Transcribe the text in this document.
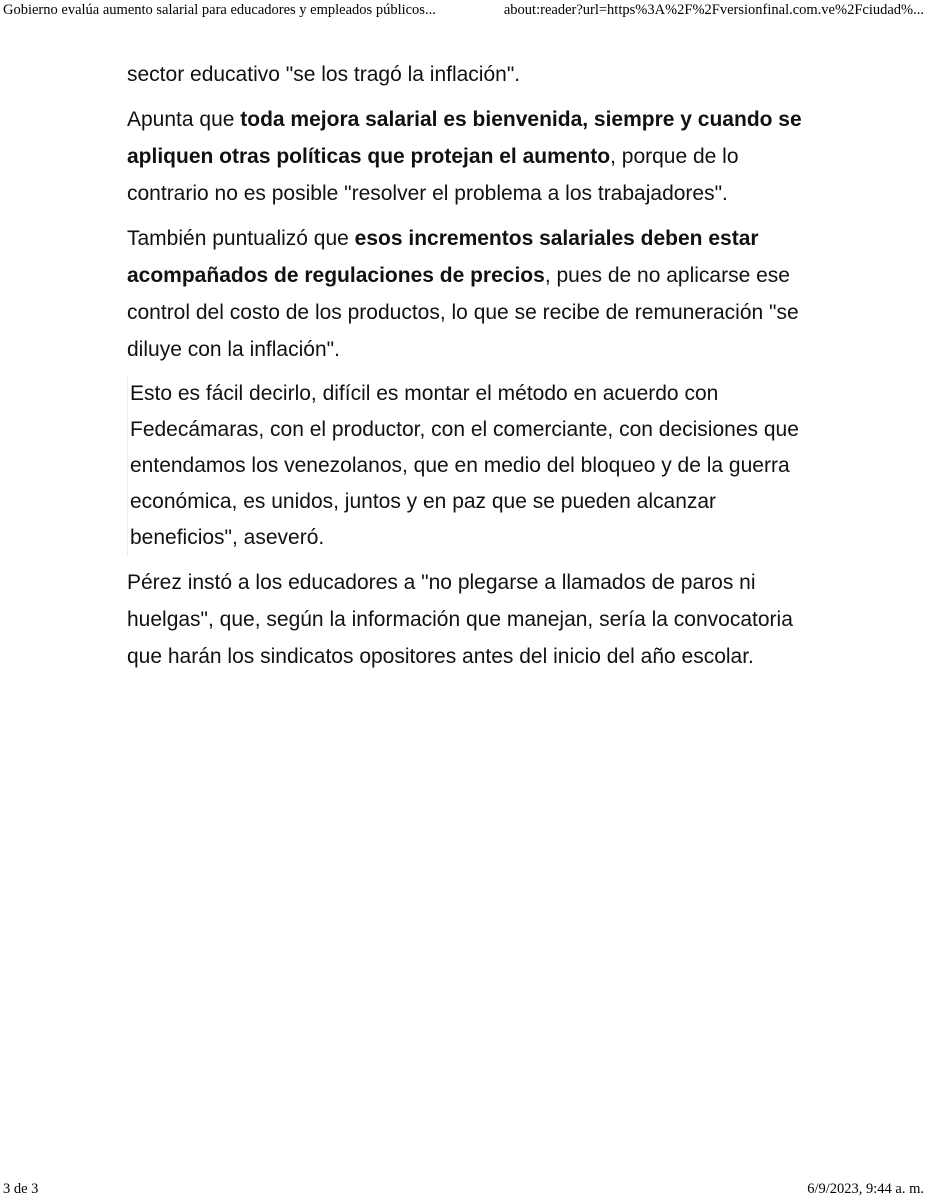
Gobierno evalúa aumento salarial para educadores y empleados públicos...	about:reader?url=https%3A%2F%2Fversionfinal.com.ve%2Fciudad%...

sector educativo "se los tragó la inflación".

Apunta que toda mejora salarial es bienvenida, siempre y cuando se apliquen otras políticas que protejan el aumento, porque de lo contrario no es posible "resolver el problema a los trabajadores".

También puntualizó que esos incrementos salariales deben estar acompañados de regulaciones de precios, pues de no aplicarse ese control del costo de los productos, lo que se recibe de remuneración "se diluye con la inflación".

Esto es fácil decirlo, difícil es montar el método en acuerdo con Fedecámaras, con el productor, con el comerciante, con decisiones que entendamos los venezolanos, que en medio del bloqueo y de la guerra económica, es unidos, juntos y en paz que se pueden alcanzar beneficios", aseveró.

Pérez instó a los educadores a "no plegarse a llamados de paros ni huelgas", que, según la información que manejan, sería la convocatoria que harán los sindicatos opositores antes del inicio del año escolar.

3 de 3	6/9/2023, 9:44 a. m.
